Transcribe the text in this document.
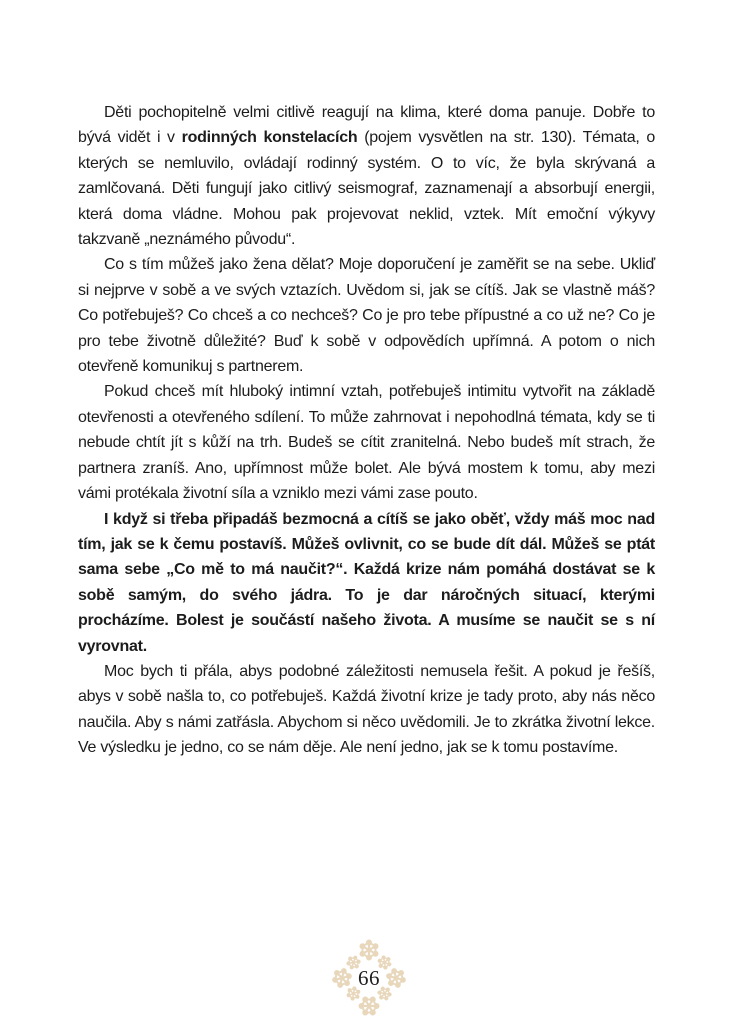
Děti pochopitelně velmi citlivě reagují na klima, které doma panuje. Dobře to bývá vidět i v rodinných konstelacích (pojem vysvětlen na str. 130). Témata, o kterých se nemluvilo, ovládají rodinný systém. O to víc, že byla skrývaná a zamlčovaná. Děti fungují jako citlivý seismograf, zaznamenají a absorbují energii, která doma vládne. Mohou pak projevovat neklid, vztek. Mít emoční výkyvy takzvaně „neznámého původu“.

Co s tím můžeš jako žena dělat? Moje doporučení je zaměřit se na sebe. Ukliď si nejprve v sobě a ve svých vztazích. Uvědom si, jak se cítíš. Jak se vlastně máš? Co potřebuješ? Co chceš a co nechceš? Co je pro tebe přípustné a co už ne? Co je pro tebe životně důležité? Buď k sobě v odpovědích upřímná. A potom o nich otevřeně komunikuj s partnerem.

Pokud chceš mít hluboký intimní vztah, potřebuješ intimitu vytvořit na základě otevřenosti a otevřeného sdílení. To může zahrnovat i nepohodlná témata, kdy se ti nebude chtít jít s kůží na trh. Budeš se cítit zranitelná. Nebo budeš mít strach, že partnera zraníš. Ano, upřímnost může bolet. Ale bývá mostem k tomu, aby mezi vámi protékala životní síla a vzniklo mezi vámi zase pouto.

I když si třeba připadáš bezmocná a cítíš se jako oběť, vždy máš moc nad tím, jak se k čemu postavíš. Můžeš ovlivnit, co se bude dít dál. Můžeš se ptát sama sebe „Co mě to má naučit?“. Každá krize nám pomáhá dostávat se k sobě samým, do svého jádra. To je dar náročných situací, kterými procházíme. Bolest je součástí našeho života. A musíme se naučit se s ní vyrovnat.

Moc bych ti přála, abys podobné záležitosti nemusela řešit. A pokud je řešíš, abys v sobě našla to, co potřebuješ. Každá životní krize je tady proto, aby nás něco naučila. Aby s námi zatřásla. Abychom si něco uvědomili. Je to zkrátka životní lekce. Ve výsledku je jedno, co se nám děje. Ale není jedno, jak se k tomu postavíme.

66
